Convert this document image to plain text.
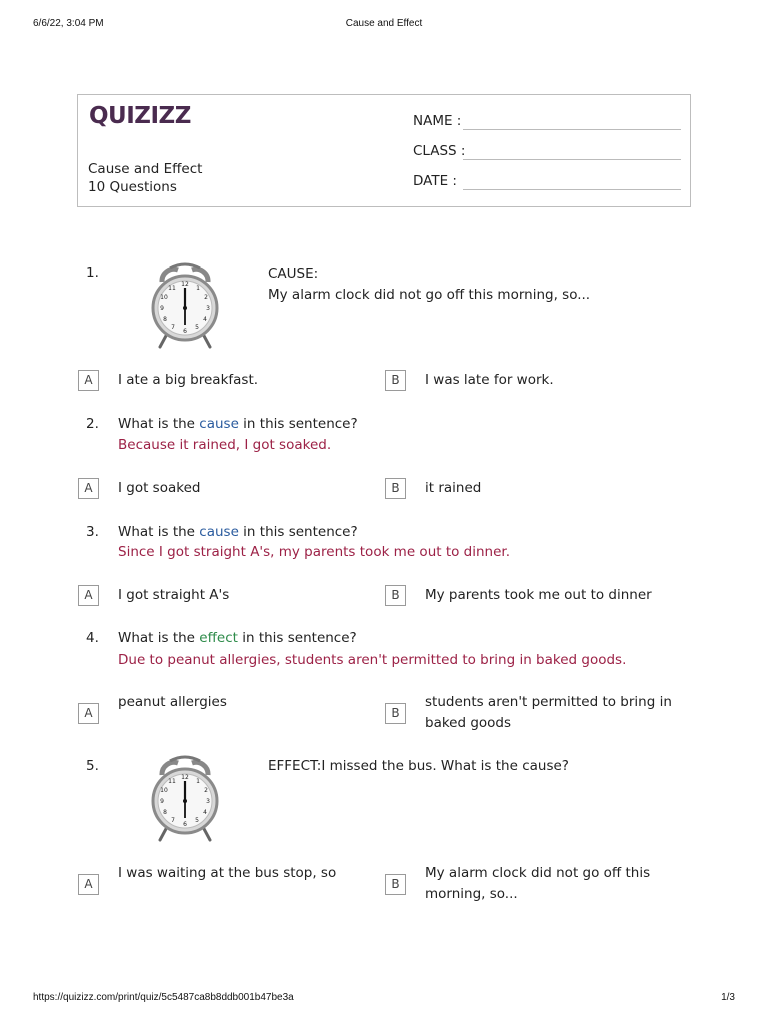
6/6/22, 3:04 PM	Cause and Effect
https://quizizz.com/print/quiz/5c5487ca8b8ddb001b47be3a	1/3
QUIZIZZ
Cause and Effect
10 Questions
NAME :
CLASS :
DATE :
1.
12
1
2
3
4
5
6
7
8
9
10
11
CAUSE:
My alarm clock did not go off this morning, so...
A	I ate a big breakfast.	B	I was late for work.
2. What is the cause in this sentence?
Because it rained, I got soaked.
A	I got soaked	B	it rained
3. What is the cause in this sentence?
Since I got straight A's, my parents took me out to dinner.
A	I got straight A's	B	My parents took me out to dinner
4. What is the effect in this sentence?
Due to peanut allergies, students aren't permitted to bring in baked goods.
A
peanut allergies
B
students aren't permitted to bring in baked goods
5.
12
1
2
3
4
5
6
7
8
9
10
11
EFFECT:I missed the bus. What is the cause?
A
I was waiting at the bus stop, so
B
My alarm clock did not go off this morning, so...
